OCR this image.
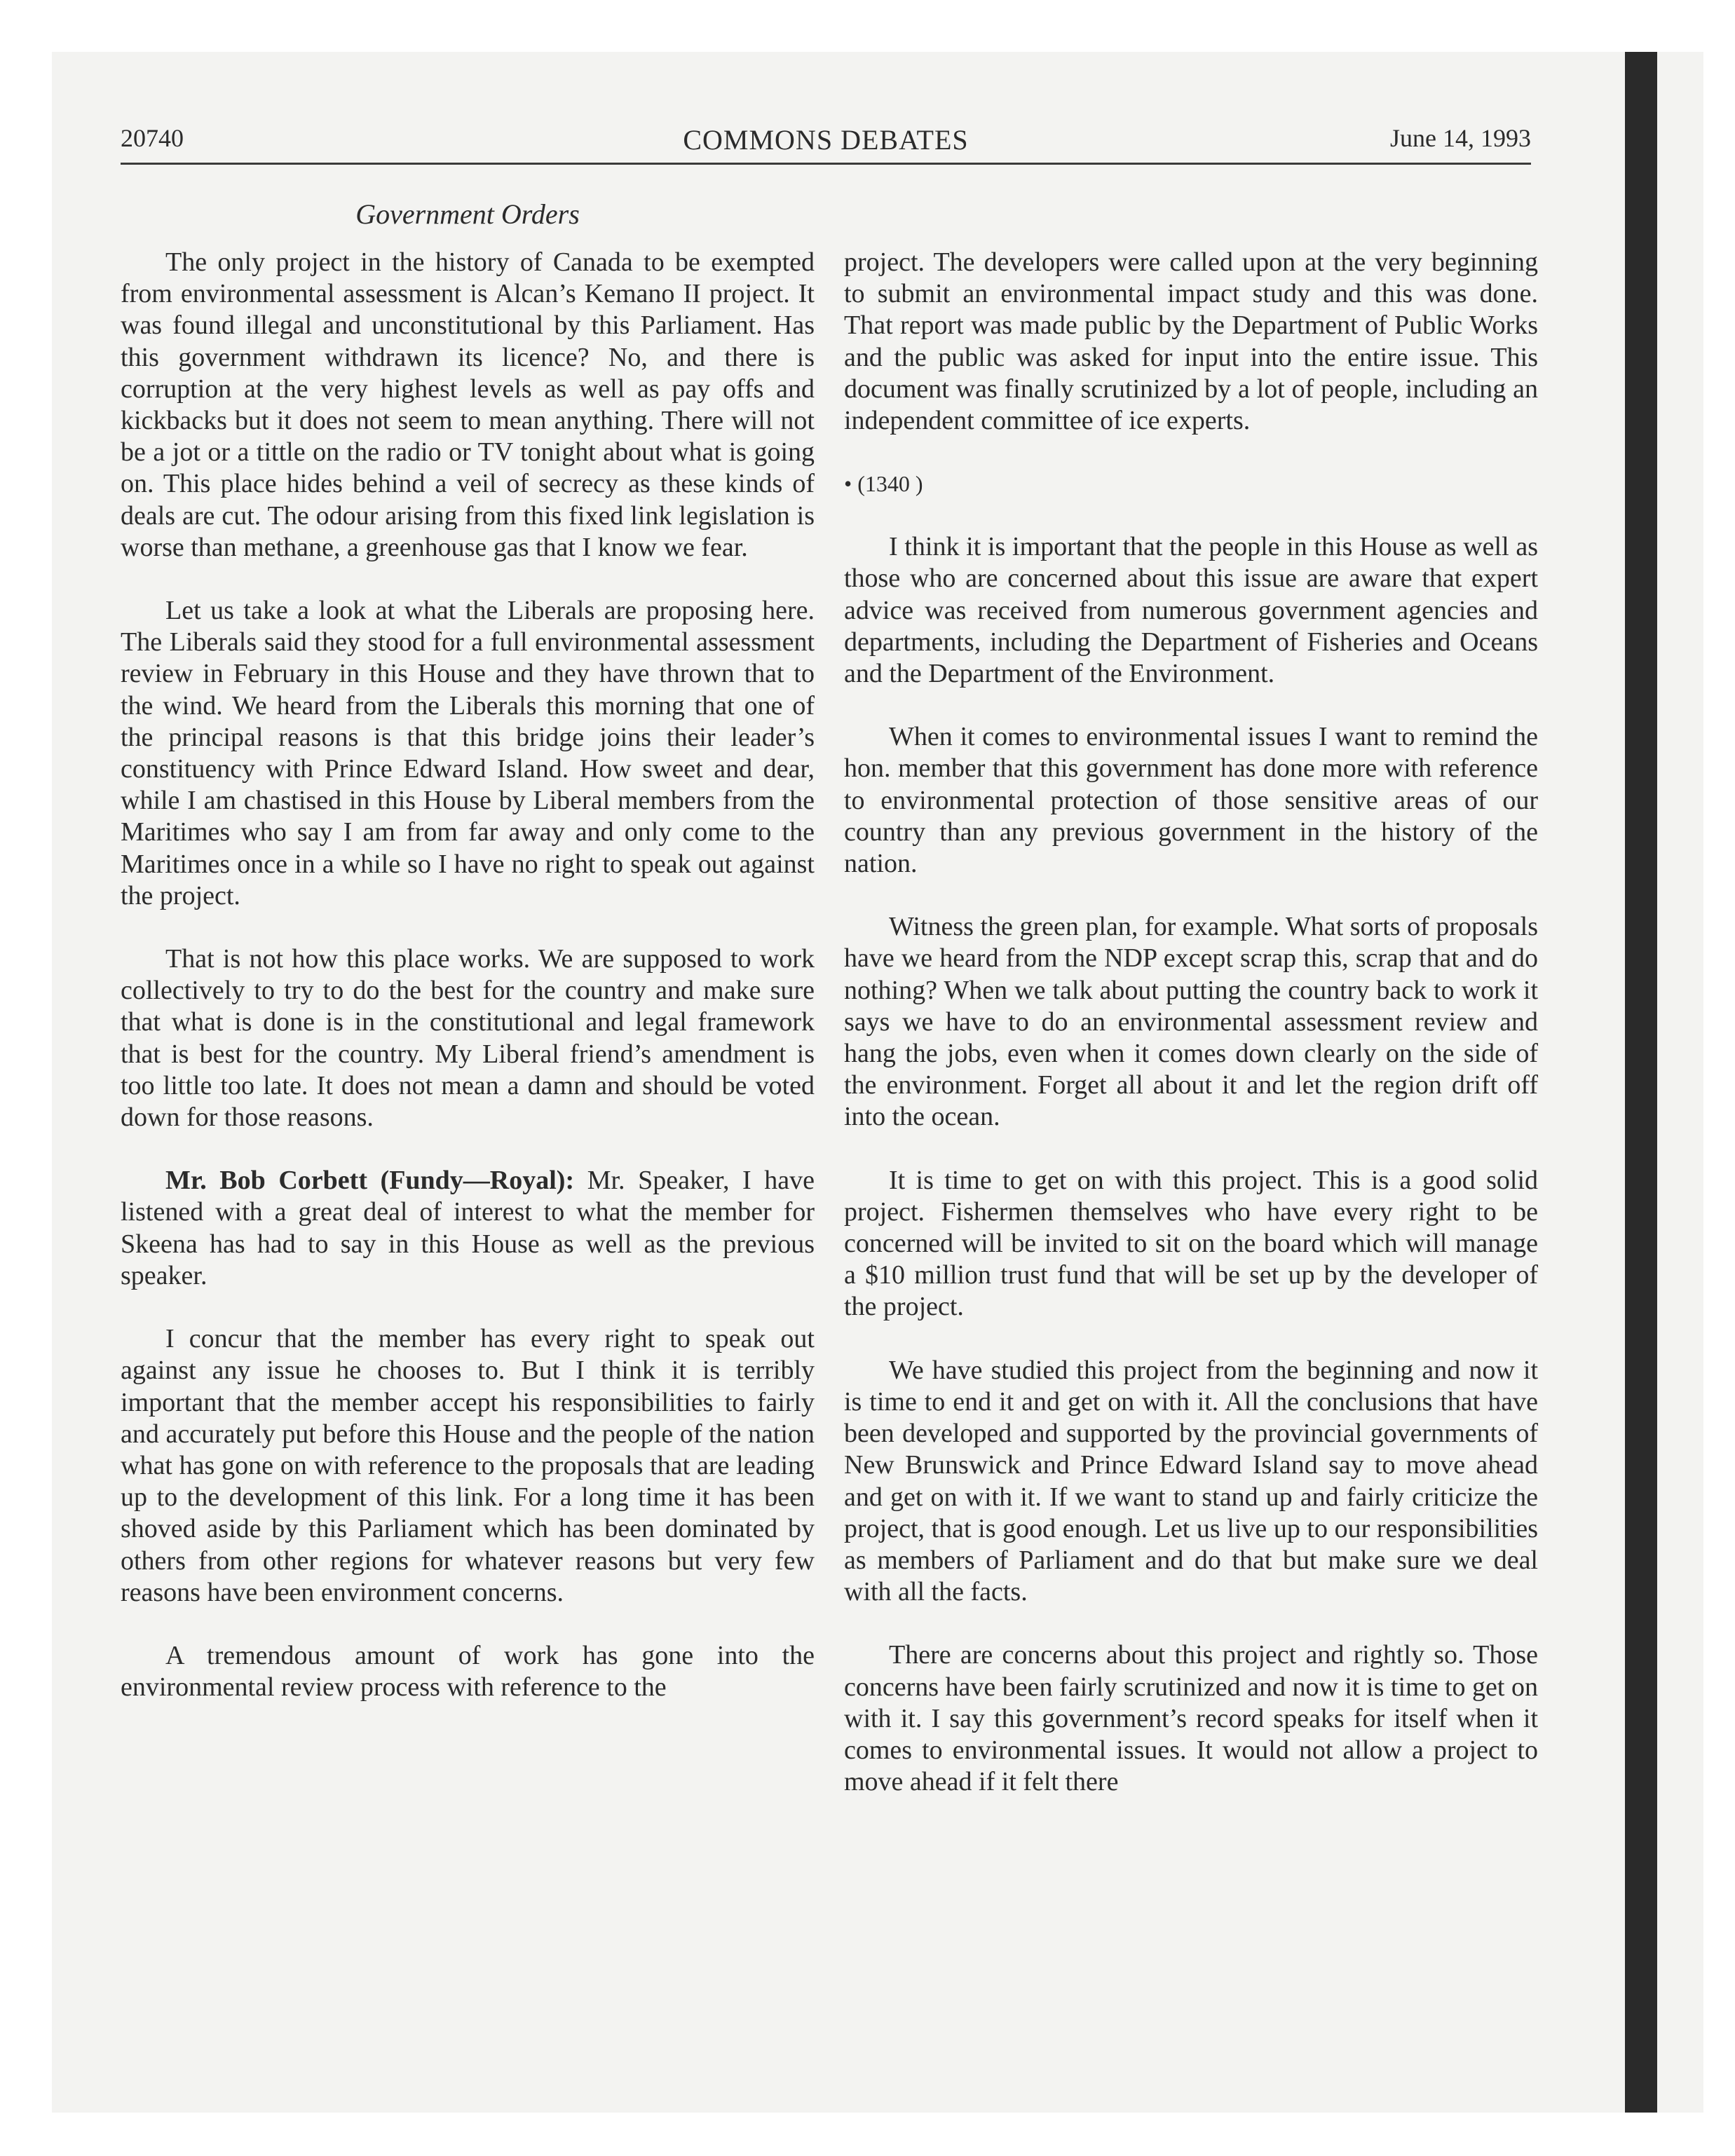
20740	COMMONS DEBATES	June 14, 1993
Government Orders

The only project in the history of Canada to be exempted from environmental assessment is Alcan’s Kemano II project. It was found illegal and unconstitutional by this Parliament. Has this government withdrawn its licence? No, and there is corruption at the very highest levels as well as pay offs and kickbacks but it does not seem to mean anything. There will not be a jot or a tittle on the radio or TV tonight about what is going on. This place hides behind a veil of secrecy as these kinds of deals are cut. The odour arising from this fixed link legislation is worse than methane, a greenhouse gas that I know we fear.

Let us take a look at what the Liberals are proposing here. The Liberals said they stood for a full environmental assessment review in February in this House and they have thrown that to the wind. We heard from the Liberals this morning that one of the principal reasons is that this bridge joins their leader’s constituency with Prince Edward Island. How sweet and dear, while I am chastised in this House by Liberal members from the Maritimes who say I am from far away and only come to the Maritimes once in a while so I have no right to speak out against the project.

That is not how this place works. We are supposed to work collectively to try to do the best for the country and make sure that what is done is in the constitutional and legal framework that is best for the country. My Liberal friend’s amendment is too little too late. It does not mean a damn and should be voted down for those reasons.

Mr. Bob Corbett (Fundy—Royal): Mr. Speaker, I have listened with a great deal of interest to what the member for Skeena has had to say in this House as well as the previous speaker.

I concur that the member has every right to speak out against any issue he chooses to. But I think it is terribly important that the member accept his responsibilities to fairly and accurately put before this House and the people of the nation what has gone on with reference to the proposals that are leading up to the development of this link. For a long time it has been shoved aside by this Parliament which has been dominated by others from other regions for whatever reasons but very few reasons have been environment concerns.

A tremendous amount of work has gone into the environmental review process with reference to the

project. The developers were called upon at the very beginning to submit an environmental impact study and this was done. That report was made public by the Department of Public Works and the public was asked for input into the entire issue. This document was finally scrutinized by a lot of people, including an independent committee of ice experts.

• (1340 )

I think it is important that the people in this House as well as those who are concerned about this issue are aware that expert advice was received from numerous government agencies and departments, including the Department of Fisheries and Oceans and the Department of the Environment.

When it comes to environmental issues I want to remind the hon. member that this government has done more with reference to environmental protection of those sensitive areas of our country than any previous government in the history of the nation.

Witness the green plan, for example. What sorts of proposals have we heard from the NDP except scrap this, scrap that and do nothing? When we talk about putting the country back to work it says we have to do an environmental assessment review and hang the jobs, even when it comes down clearly on the side of the environment. Forget all about it and let the region drift off into the ocean.

It is time to get on with this project. This is a good solid project. Fishermen themselves who have every right to be concerned will be invited to sit on the board which will manage a $10 million trust fund that will be set up by the developer of the project.

We have studied this project from the beginning and now it is time to end it and get on with it. All the conclusions that have been developed and supported by the provincial governments of New Brunswick and Prince Edward Island say to move ahead and get on with it. If we want to stand up and fairly criticize the project, that is good enough. Let us live up to our responsibilities as members of Parliament and do that but make sure we deal with all the facts.

There are concerns about this project and rightly so. Those concerns have been fairly scrutinized and now it is time to get on with it. I say this government’s record speaks for itself when it comes to environmental issues. It would not allow a project to move ahead if it felt there
